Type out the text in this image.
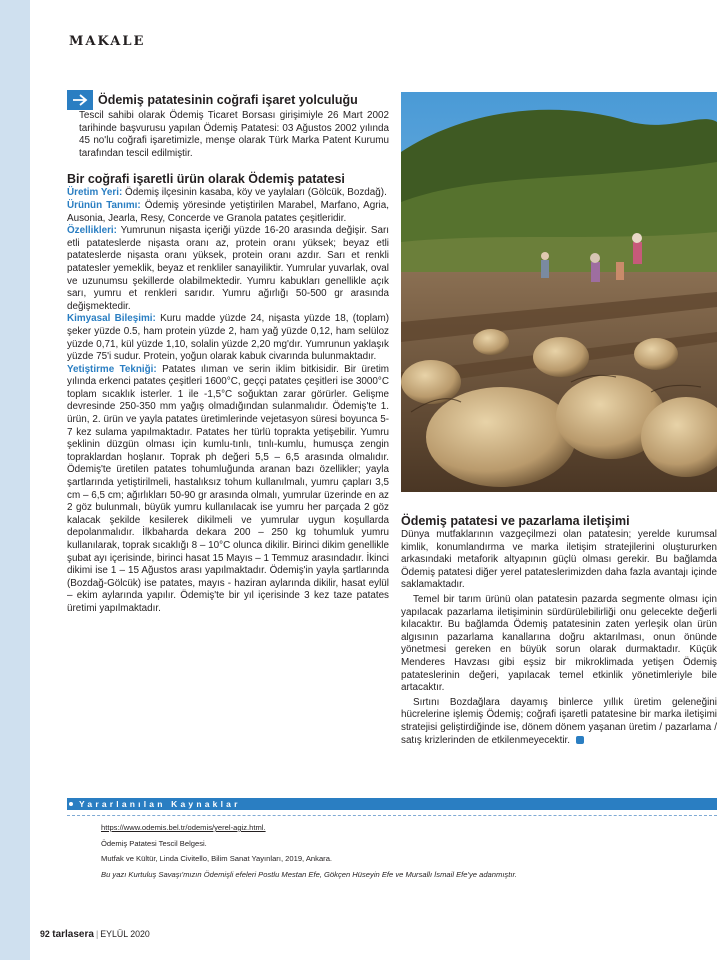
MAKALE
Ödemiş patatesinin coğrafi işaret yolculuğu

Tescil sahibi olarak Ödemiş Ticaret Borsası girişimiyle 26 Mart 2002 tarihinde başvurusu yapılan Ödemiş Patatesi: 03 Ağustos 2002 yılında 45 no'lu coğrafi işaretimizle, menşe olarak Türk Marka Patent Kurumu tarafından tescil edilmiştir.

Bir coğrafi işaretli ürün olarak Ödemiş patatesi

Üretim Yeri: Ödemiş ilçesinin kasaba, köy ve yaylaları (Gölcük, Bozdağ).

Ürünün Tanımı: Ödemiş yöresinde yetiştirilen Marabel, Marfano, Agria, Ausonia, Jearla, Resy, Concerde ve Granola patates çeşitleridir.

Özellikleri: Yumrunun nişasta içeriği yüzde 16-20 arasında değişir. Sarı etli patateslerde nişasta oranı az, protein oranı yüksek; beyaz etli patateslerde nişasta oranı yüksek, protein oranı azdır. Sarı et renkli patatesler yemeklik, beyaz et renkliler sanayiliktir. Yumrular yuvarlak, oval ve uzunumsu şekillerde olabilmektedir. Yumru kabukları genellikle açık sarı, yumru et renkleri sarıdır. Yumru ağırlığı 50-500 gr arasında değişmektedir.

Kimyasal Bileşimi: Kuru madde yüzde 24, nişasta yüzde 18, (toplam) şeker yüzde 0.5, ham protein yüzde 2, ham yağ yüzde 0,12, ham selüloz yüzde 0,71, kül yüzde 1,10, solalin yüzde 2,20 mg'dır. Yumrunun yaklaşık yüzde 75'i sudur. Protein, yoğun olarak kabuk civarında bulunmaktadır.

Yetiştirme Tekniği: Patates ılıman ve serin iklim bitkisidir. Bir üretim yılında erkenci patates çeşitleri 1600°C, geççi patates çeşitleri ise 3000°C toplam sıcaklık isterler. 1 ile -1,5°C soğuktan zarar görürler. Gelişme devresinde 250-350 mm yağış olmadığından sulanmalıdır. Ödemiş'te 1. ürün, 2. ürün ve yayla patates üretimlerinde vejetasyon süresi boyunca 5-7 kez sulama yapılmaktadır. Patates her türlü toprakta yetişebilir. Yumru şeklinin düzgün olması için kumlu-tınlı, tınlı-kumlu, humusça zengin topraklardan hoşlanır. Toprak ph değeri 5,5 – 6,5 arasında olmalıdır. Ödemiş'te üretilen patates tohumluğunda aranan bazı özellikler; yayla şartlarında yetiştirilmeli, hastalıksız tohum kullanılmalı, yumru çapları 3,5 cm – 6,5 cm; ağırlıkları 50-90 gr arasında olmalı, yumrular üzerinde en az 2 göz bulunmalı, büyük yumru kullanılacak ise yumru her parçada 2 göz kalacak şekilde kesilerek dikilmeli ve yumrular uygun koşullarda depolanmalıdır. İlkbaharda dekara 200 – 250 kg tohumluk yumru kullanılarak, toprak sıcaklığı 8 – 10°C olunca dikilir. Birinci dikim genellikle şubat ayı içerisinde, birinci hasat 15 Mayıs – 1 Temmuz arasındadır. İkinci dikimi ise 1 – 15 Ağustos arası yapılmaktadır. Ödemiş'in yayla şartlarında (Bozdağ-Gölcük) ise patates, mayıs - haziran aylarında dikilir, hasat eylül – ekim aylarında yapılır. Ödemiş'te bir yıl içerisinde 3 kez taze patates üretimi yapılmaktadır.

Ödemiş patatesi ve pazarlama iletişimi

Dünya mutfaklarının vazgeçilmezi olan patatesin; yerelde kurumsal kimlik, konumlandırma ve marka iletişim stratejilerini oluştururken arkasındaki metaforik altyapının güçlü olması gerekir. Bu bağlamda Ödemiş patatesi diğer yerel patateslerimizden daha fazla avantajı içinde saklamaktadır.

Temel bir tarım ürünü olan patatesin pazarda segmente olması için yapılacak pazarlama iletişiminin sürdürülebilirliği onu gelecekte değerli kılacaktır. Bu bağlamda Ödemiş patatesinin zaten yerleşik olan ürün algısının pazarlama kanallarına doğru aktarılması, onun önünde yönetmesi gereken en büyük sorun olarak durmaktadır. Küçük Menderes Havzası gibi eşsiz bir mikroklimada yetişen Ödemiş patateslerinin değeri, yapılacak temel etkinlik yönetimleriyle bile artacaktır.

Sırtını Bozdağlara dayamış binlerce yıllık üretim geleneğini hücrelerine işlemiş Ödemiş; coğrafi işaretli patatesine bir marka iletişimi stratejisi geliştirdiğinde ise, dönem dönem yaşanan üretim / pazarlama / satış krizlerinden de etkilenmeyecektir.

Yararlanılan Kaynaklar
https://www.odemis.bel.tr/odemis/yerel-agiz.html.
Ödemiş Patatesi Tescil Belgesi.
Mutfak ve Kültür, Linda Civitello, Bilim Sanat Yayınları, 2019, Ankara.
Bu yazı Kurtuluş Savaşı'mızın Ödemişli efeleri Postlu Mestan Efe, Gökçen Hüseyin Efe ve Mursallı İsmail Efe'ye adanmıştır.
92 tarlasera | EYLÜL 2020
